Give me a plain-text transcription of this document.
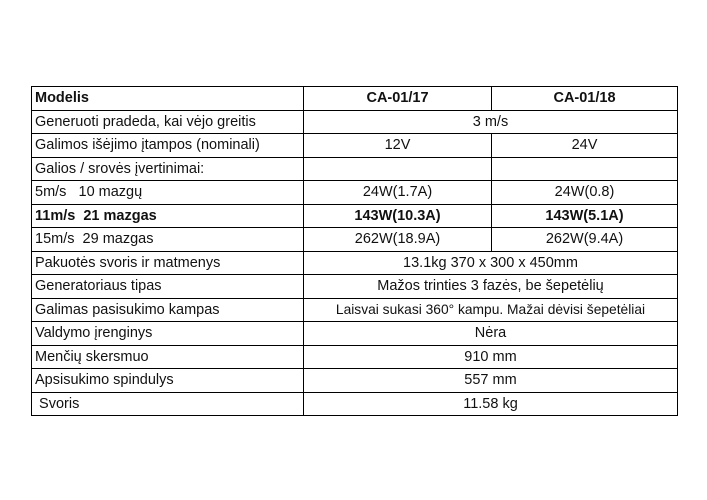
Modelis	CA-01/17	CA-01/18
Generuoti pradeda, kai vėjo greitis	3 m/s	
Galimos išėjimo įtampos (nominali)	12V	24V
Galios / srovės įvertinimai:		
5m/s   10 mazgų	24W(1.7A)	24W(0.8)
11m/s  21 mazgas	143W(10.3A)	143W(5.1A)
15m/s  29 mazgas	262W(18.9A)	262W(9.4A)
Pakuotės svoris ir matmenys	13.1kg 370 x 300 x 450mm	
Generatoriaus tipas	Mažos trinties 3 fazės, be šepetėlių	
Galimas pasisukimo kampas	Laisvai sukasi 360° kampu. Mažai dėvisi šepetėliai	
Valdymo įrenginys	Nėra	
Menčių skersmuo	910 mm	
Apsisukimo spindulys	557 mm	
Svoris	11.58 kg	
